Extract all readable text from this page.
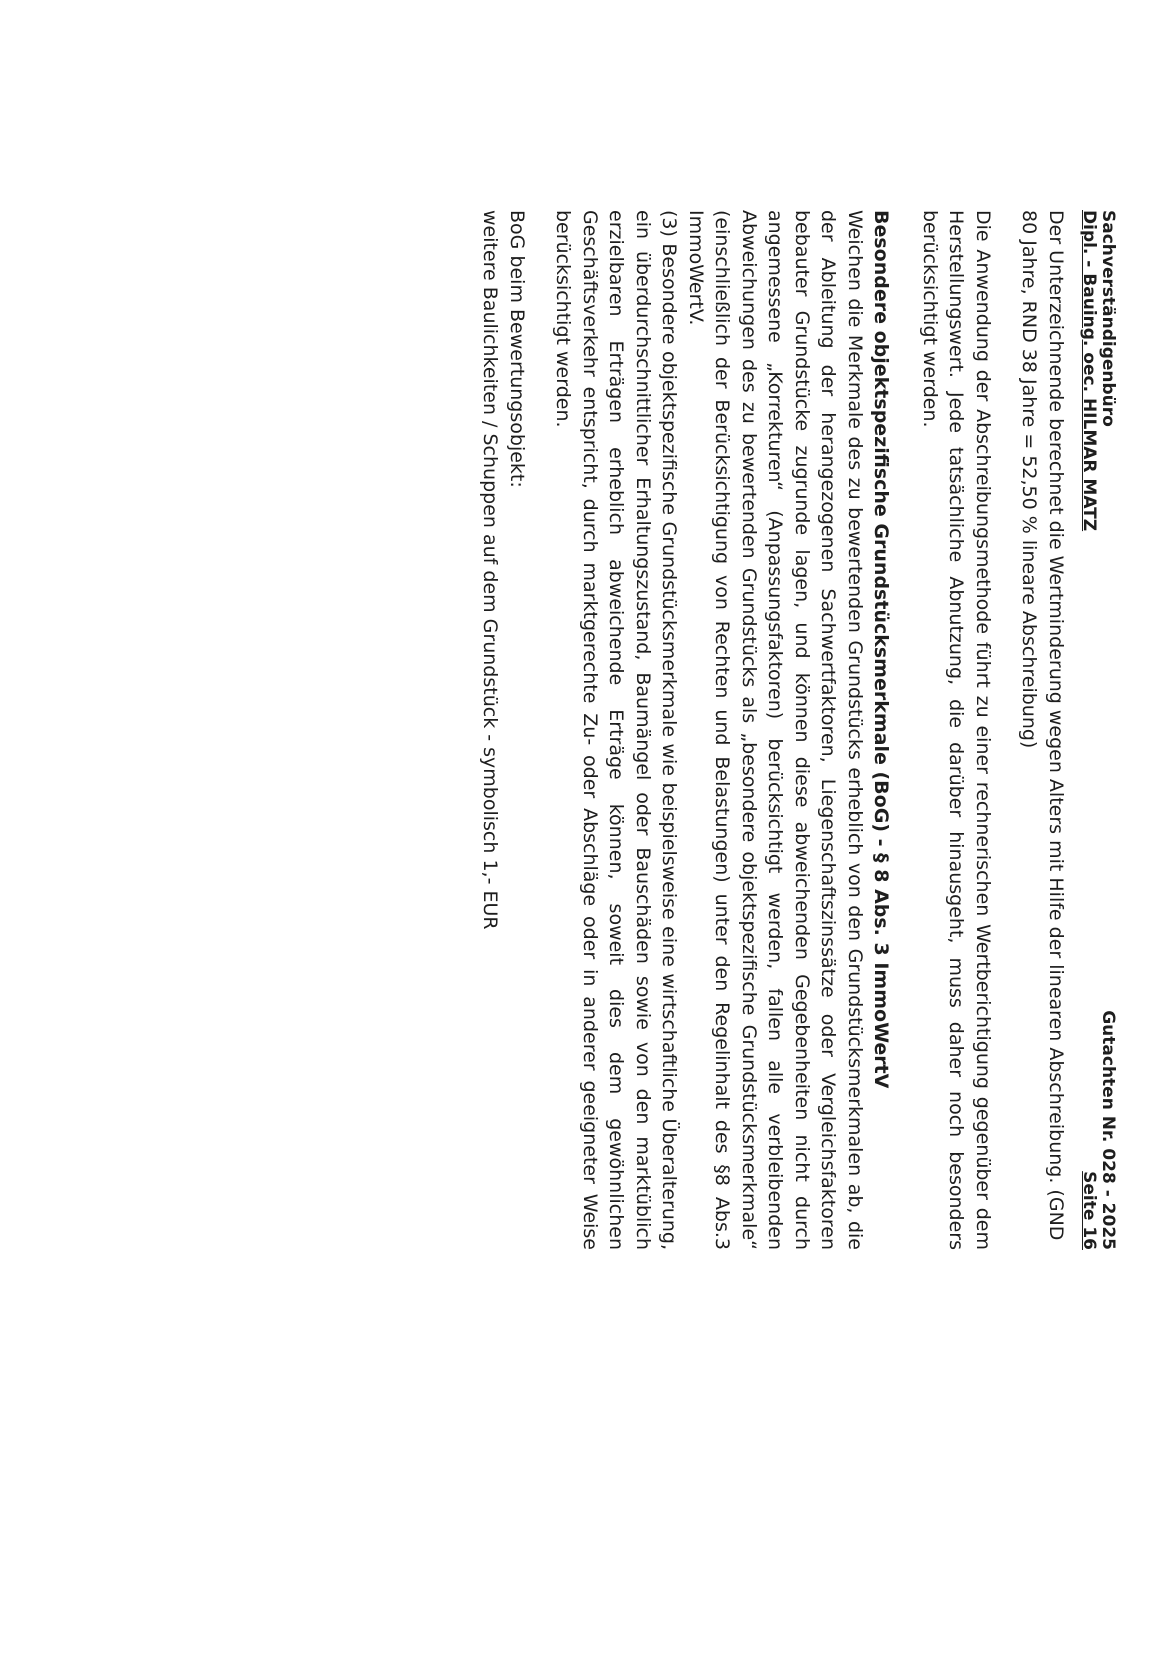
Sachverständigenbüro
Gutachten Nr. 028 - 2025
Dipl. - Bauing. oec. HILMAR MATZ
Seite 16

Der Unterzeichnende berechnet die Wertminderung wegen Alters mit Hilfe der linearen Abschreibung. (GND 80 Jahre, RND 38 Jahre = 52,50 % lineare Abschreibung)

Die Anwendung der Abschreibungsmethode führt zu einer rechnerischen Wertberichtigung gegenüber dem Herstellungswert. Jede tatsächliche Abnutzung, die darüber hinausgeht, muss daher noch besonders berücksichtigt werden.

Besondere objektspezifische Grundstücksmerkmale (BoG) - § 8 Abs. 3 ImmoWertV

Weichen die Merkmale des zu bewertenden Grundstücks erheblich von den Grundstücksmerkmalen ab, die der Ableitung der herangezogenen Sachwertfaktoren, Liegenschaftszinssätze oder Vergleichsfaktoren bebauter Grundstücke zugrunde lagen, und können diese abweichenden Gegebenheiten nicht durch angemessene „Korrekturen“ (Anpassungsfaktoren) berücksichtigt werden, fallen alle verbleibenden Abweichungen des zu bewertenden Grundstücks als „besondere objektspezifische Grundstücksmerkmale“ (einschließlich der Berücksichtigung von Rechten und Belastungen) unter den Regelinhalt des §8 Abs.3 ImmoWertV.

(3) Besondere objektspezifische Grundstücksmerkmale wie beispielsweise eine wirtschaftliche Überalterung, ein überdurchschnittlicher Erhaltungszustand, Baumängel oder Bauschäden sowie von den marktüblich erzielbaren Erträgen erheblich abweichende Erträge können, soweit dies dem gewöhnlichen Geschäftsverkehr entspricht, durch marktgerechte Zu- oder Abschläge oder in anderer geeigneter Weise berücksichtigt werden.

BoG beim Bewertungsobjekt:

weitere Baulichkeiten / Schuppen auf dem Grundstück - symbolisch 1,- EUR
